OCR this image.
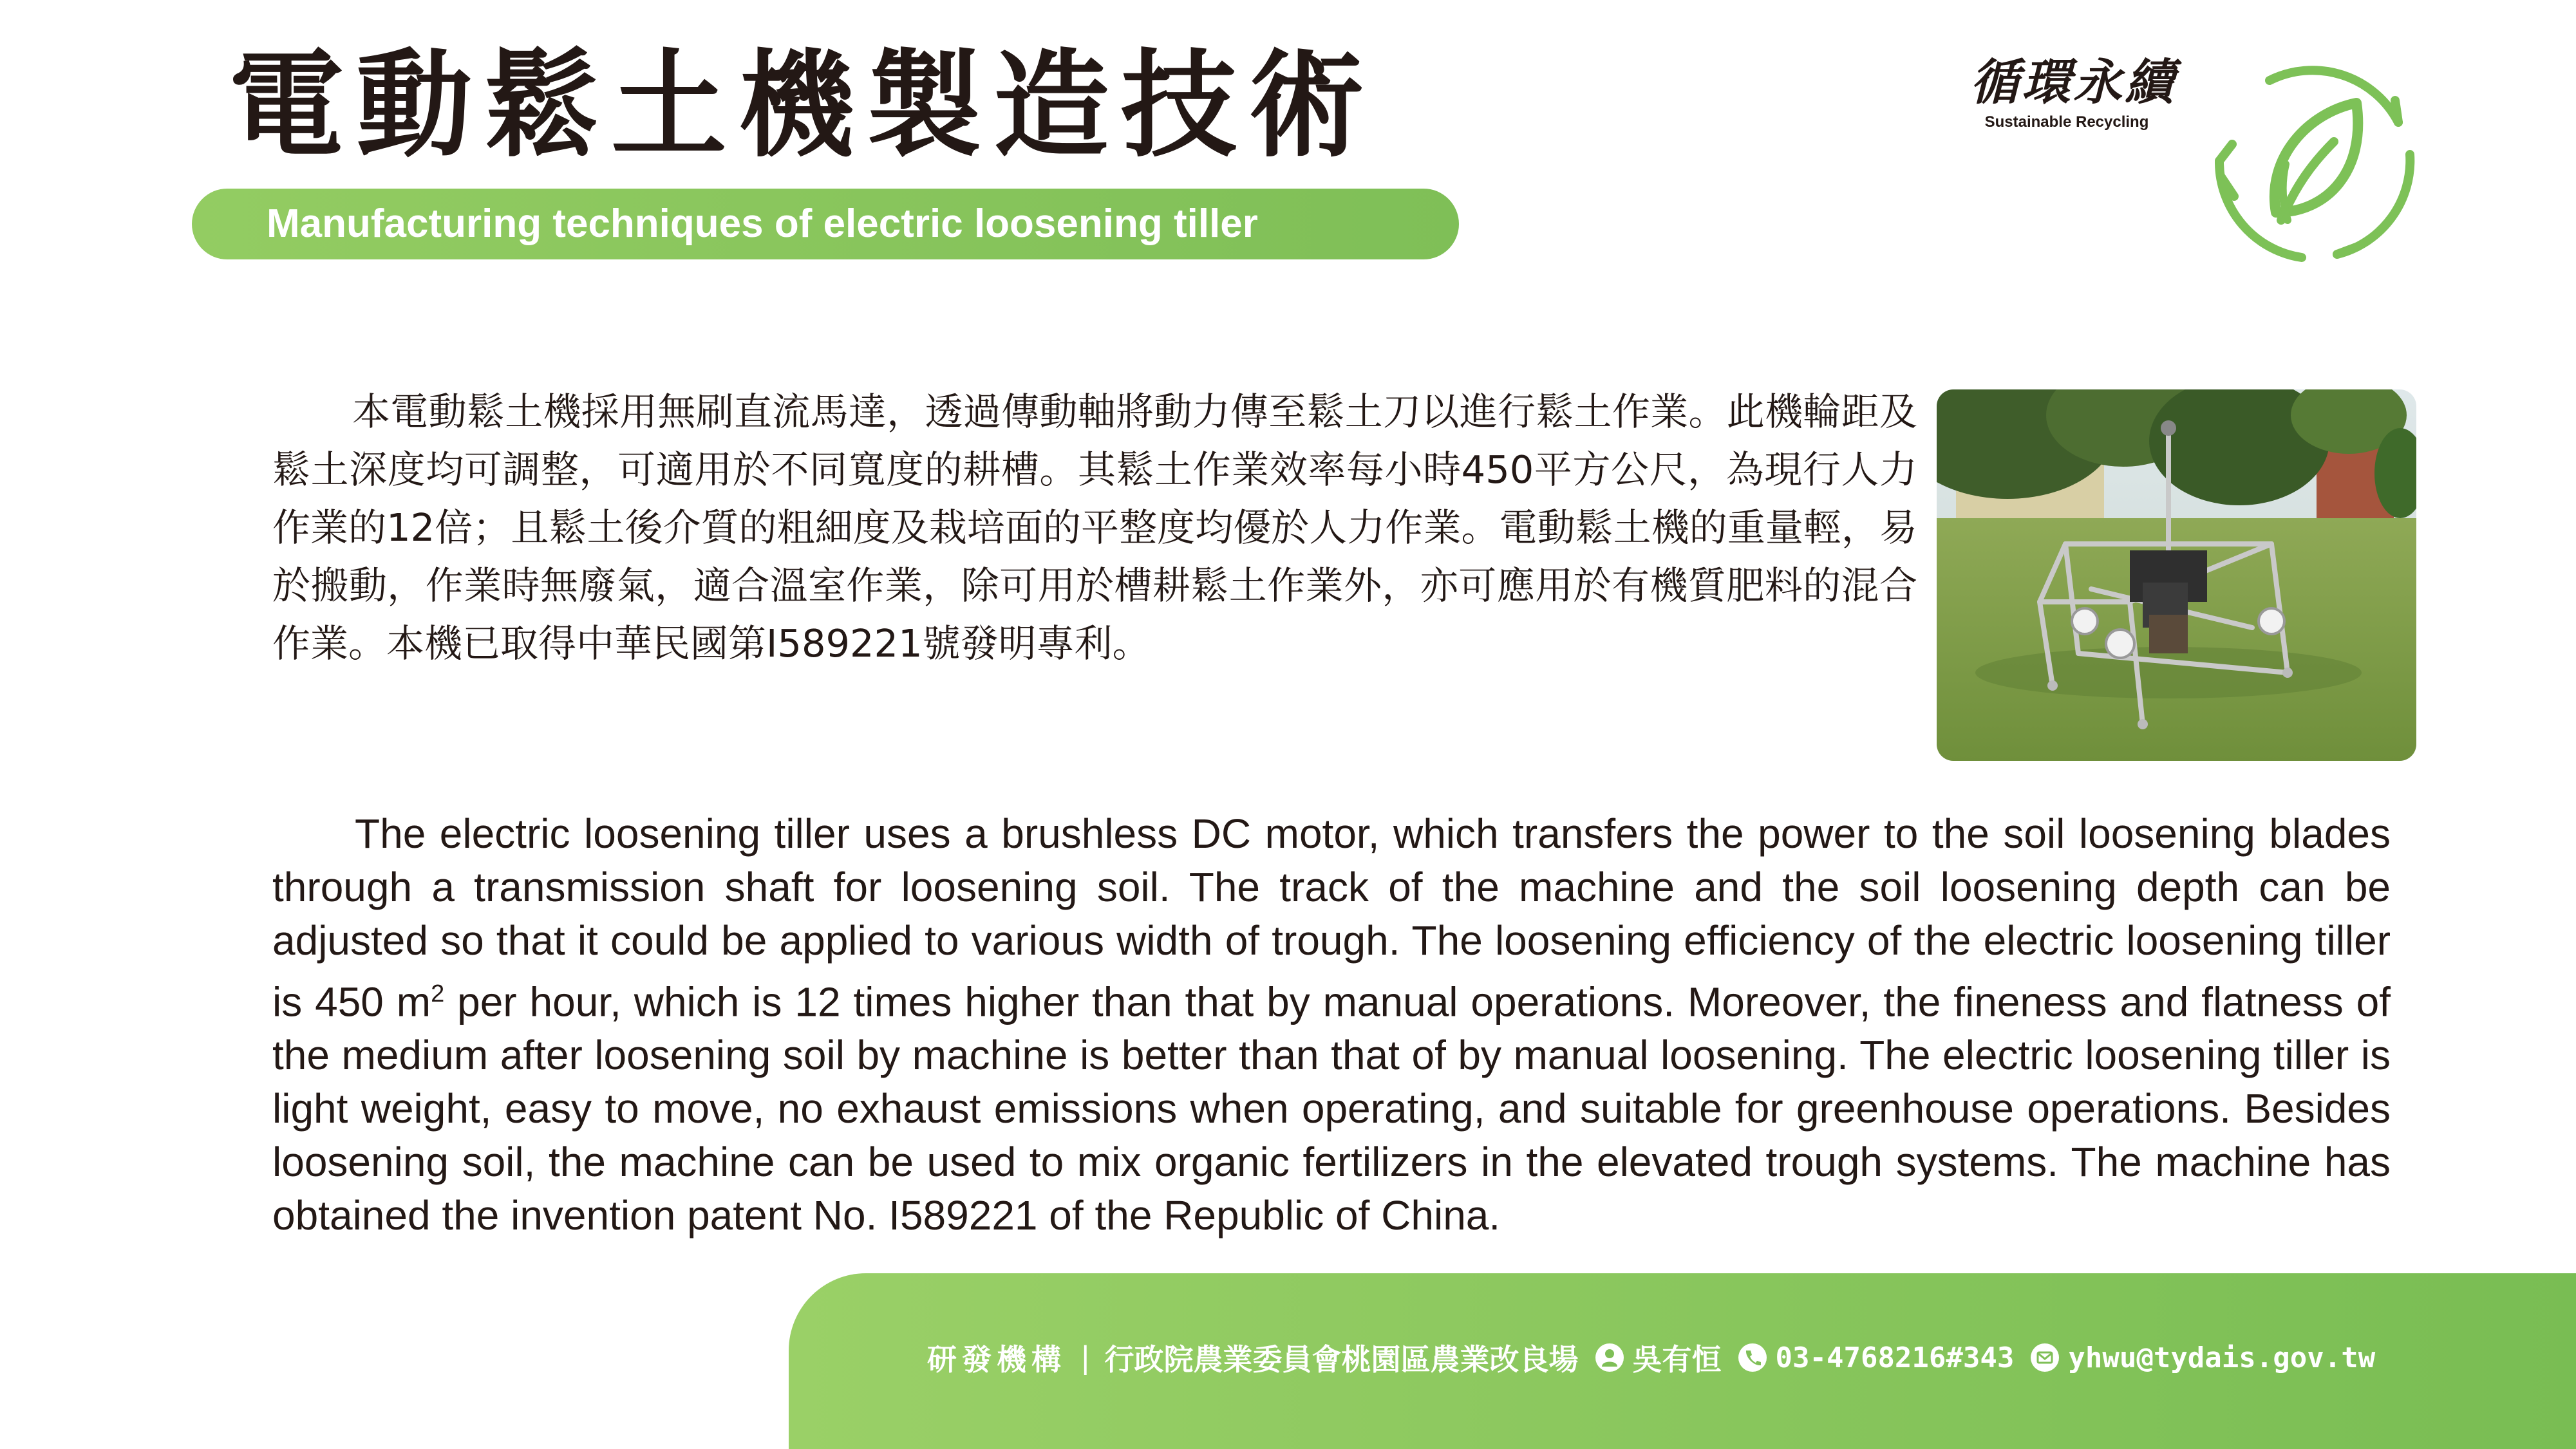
電動鬆土機製造技術
Manufacturing techniques of electric loosening tiller
循環永續
Sustainable Recycling
本電動鬆土機採用無刷直流馬達，透過傳動軸將動力傳至鬆土刀以進行鬆土作業。此機輪距及鬆土深度均可調整，可適用於不同寬度的耕槽。其鬆土作業效率每小時450平方公尺，為現行人力作業的12倍；且鬆土後介質的粗細度及栽培面的平整度均優於人力作業。電動鬆土機的重量輕，易於搬動，作業時無廢氣，適合溫室作業，除可用於槽耕鬆土作業外，亦可應用於有機質肥料的混合作業。本機已取得中華民國第I589221號發明專利。
The electric loosening tiller uses a brushless DC motor, which transfers the power to the soil loosening blades through a transmission shaft for loosening soil. The track of the machine and the soil loosening depth can be adjusted so that it could be applied to various width of trough. The loosening efficiency of the electric loosening tiller is 450 $m^2$ per hour, which is 12 times higher than that by manual operations. Moreover, the fineness and flatness of the medium after loosening soil by machine is better than that of by manual loosening. The electric loosening tiller is light weight, easy to move, no exhaust emissions when operating, and suitable for greenhouse operations. Besides loosening soil, the machine can be used to mix organic fertilizers in the elevated trough systems. The machine has obtained the invention patent No. I589221 of the Republic of China.
研發機構 | 行政院農業委員會桃園區農業改良場 吳有恒 03-4768216#343 yhwu@tydais.gov.tw
